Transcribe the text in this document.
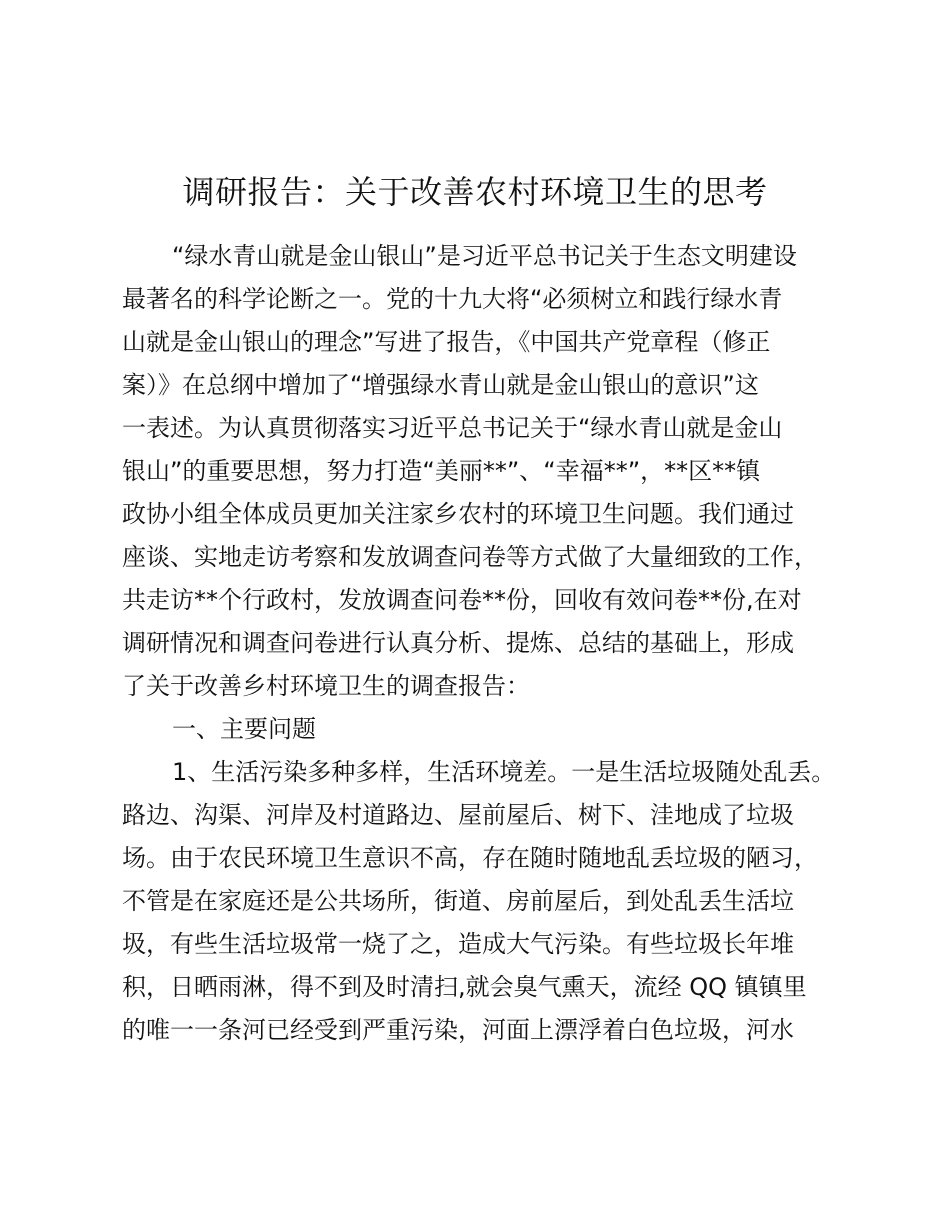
调研报告：关于改善农村环境卫生的思考
“绿水青山就是金山银山”是习近平总书记关于生态文明建设
最著名的科学论断之一。党的十九大将“必须树立和践行绿水青
山就是金山银山的理念”写进了报告，《中国共产党章程（修正
案）》在总纲中增加了“增强绿水青山就是金山银山的意识”这
一表述。为认真贯彻落实习近平总书记关于“绿水青山就是金山
银山”的重要思想，努力打造“美丽**”、“幸福**”，**区**镇
政协小组全体成员更加关注家乡农村的环境卫生问题。我们通过
座谈、实地走访考察和发放调查问卷等方式做了大量细致的工作，
共走访**个行政村，发放调查问卷**份，回收有效问卷**份,在对
调研情况和调查问卷进行认真分析、提炼、总结的基础上，形成
了关于改善乡村环境卫生的调查报告：
一、主要问题
1、生活污染多种多样，生活环境差。一是生活垃圾随处乱丢。
路边、沟渠、河岸及村道路边、屋前屋后、树下、洼地成了垃圾
场。由于农民环境卫生意识不高，存在随时随地乱丢垃圾的陋习，
不管是在家庭还是公共场所，街道、房前屋后，到处乱丢生活垃
圾，有些生活垃圾常一烧了之，造成大气污染。有些垃圾长年堆
积，日晒雨淋，得不到及时清扫,就会臭气熏天，流经 QQ 镇镇里
的唯一一条河已经受到严重污染，河面上漂浮着白色垃圾，河水
